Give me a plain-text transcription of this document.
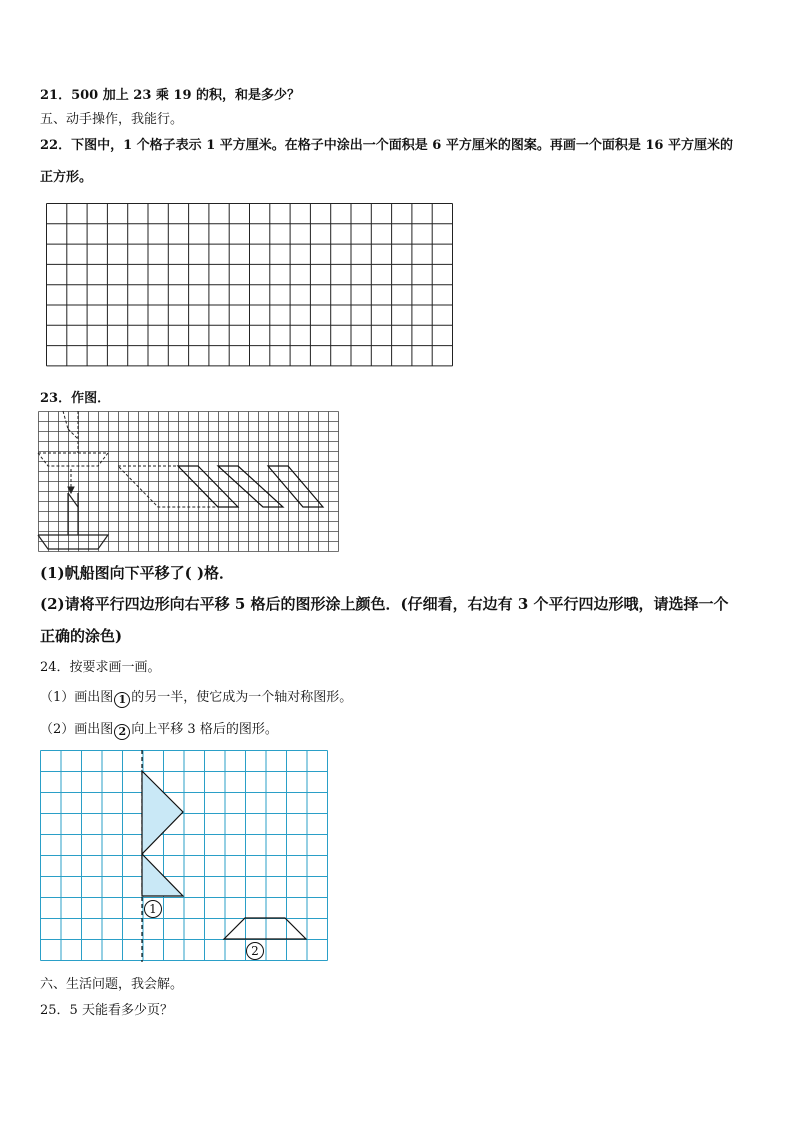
21．500 加上 23 乘 19 的积，和是多少？
五、动手操作，我能行。
22．下图中，1 个格子表示 1 平方厘米。在格子中涂出一个面积是 6 平方厘米的图案。再画一个面积是 16 平方厘米的
正方形。
23．作图．
(1)帆船图向下平移了( )格．
(2)请将平行四边形向右平移 5 格后的图形涂上颜色．(仔细看，右边有 3 个平行四边形哦，请选择一个
正确的涂色)
24．按要求画一画。
（1）画出图 1 的另一半，使它成为一个轴对称图形。
（2）画出图 2 向上平移 3 格后的图形。
1
2
六、生活问题，我会解。
25．5 天能看多少页？
